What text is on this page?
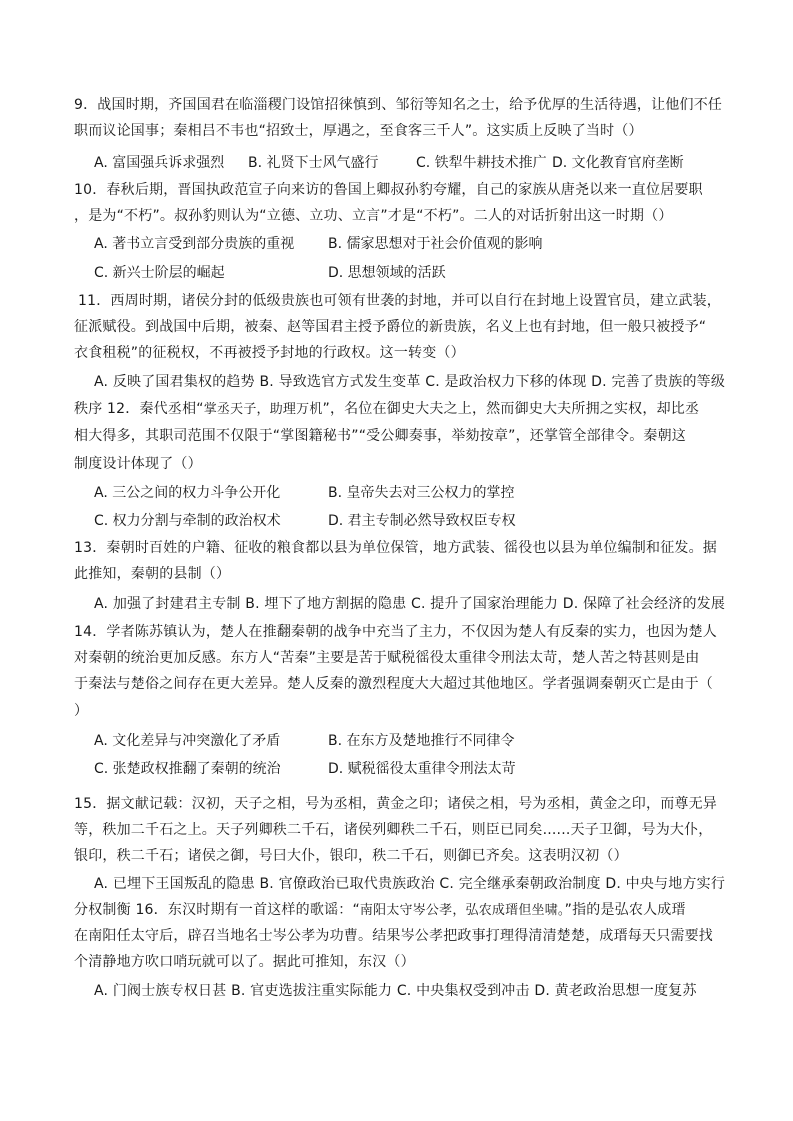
9．战国时期，齐国国君在临淄稷门设馆招徕慎到、邹衍等知名之士，给予优厚的生活待遇，让他们不任
职而议论国事；秦相吕不韦也“招致士，厚遇之，至食客三千人”。这实质上反映了当时（）
A. 富国强兵诉求强烈 B. 礼贤下士风气盛行	C. 铁犁牛耕技术推广 D. 文化教育官府垄断
10．春秋后期，晋国执政范宣子向来访的鲁国上卿叔孙豹夸耀，自己的家族从唐尧以来一直位居要职
，是为“不朽”。叔孙豹则认为“立德、立功、立言”才是“不朽”。二人的对话折射出这一时期（）
A. 著书立言受到部分贵族的重视 B. 儒家思想对于社会价值观的影响
C. 新兴士阶层的崛起	D. 思想领域的活跃
11．西周时期，诸侯分封的低级贵族也可领有世袭的封地，并可以自行在封地上设置官员，建立武装，
征派赋役。到战国中后期，被秦、赵等国君主授予爵位的新贵族，名义上也有封地，但一般只被授予“
衣食租税”的征税权，不再被授予封地的行政权。这一转变（）
A. 反映了国君集权的趋势 B. 导致选官方式发生变革 C. 是政治权力下移的体现 D. 完善了贵族的等级
秩序 12．秦代丞相“掌丞天子，助理万机”，名位在御史大夫之上，然而御史大夫所拥之实权，却比丞
相大得多，其职司范围不仅限于“掌图籍秘书”“受公卿奏事，举劾按章”，还掌管全部律令。秦朝这
制度设计体现了（）
A. 三公之间的权力斗争公开化	B. 皇帝失去对三公权力的掌控
C. 权力分割与牵制的政治权术	D. 君主专制必然导致权臣专权
13．秦朝时百姓的户籍、征收的粮食都以县为单位保管，地方武装、徭役也以县为单位编制和征发。据
此推知，秦朝的县制（）
A. 加强了封建君主专制 B. 埋下了地方割据的隐患 C. 提升了国家治理能力 D. 保障了社会经济的发展
14．学者陈苏镇认为，楚人在推翻秦朝的战争中充当了主力，不仅因为楚人有反秦的实力，也因为楚人
对秦朝的统治更加反感。东方人“苦秦”主要是苦于赋税徭役太重律令刑法太苛，楚人苦之特甚则是由
于秦法与楚俗之间存在更大差异。楚人反秦的激烈程度大大超过其他地区。学者强调秦朝灭亡是由于（
）
A. 文化差异与冲突激化了矛盾	B. 在东方及楚地推行不同律令
C. 张楚政权推翻了秦朝的统治	D. 赋税徭役太重律令刑法太苛
15．据文献记载：汉初，天子之相，号为丞相，黄金之印；诸侯之相，号为丞相，黄金之印，而尊无异
等，秩加二千石之上。天子列卿秩二千石，诸侯列卿秩二千石，则臣已同矣......天子卫御，号为大仆，
银印，秩二千石；诸侯之御，号曰大仆，银印，秩二千石，则御已齐矣。这表明汉初（）
A. 已埋下王国叛乱的隐患 B. 官僚政治已取代贵族政治 C. 完全继承秦朝政治制度 D. 中央与地方实行
分权制衡 16．东汉时期有一首这样的歌谣：“南阳太守岑公孝，弘农成瑨但坐啸。”指的是弘农人成瑨
在南阳任太守后，辟召当地名士岑公孝为功曹。结果岑公孝把政事打理得清清楚楚，成瑨每天只需要找
个清静地方吹口哨玩就可以了。据此可推知，东汉（）
A. 门阀士族专权日甚 B. 官吏选拔注重实际能力 C. 中央集权受到冲击 D. 黄老政治思想一度复苏
